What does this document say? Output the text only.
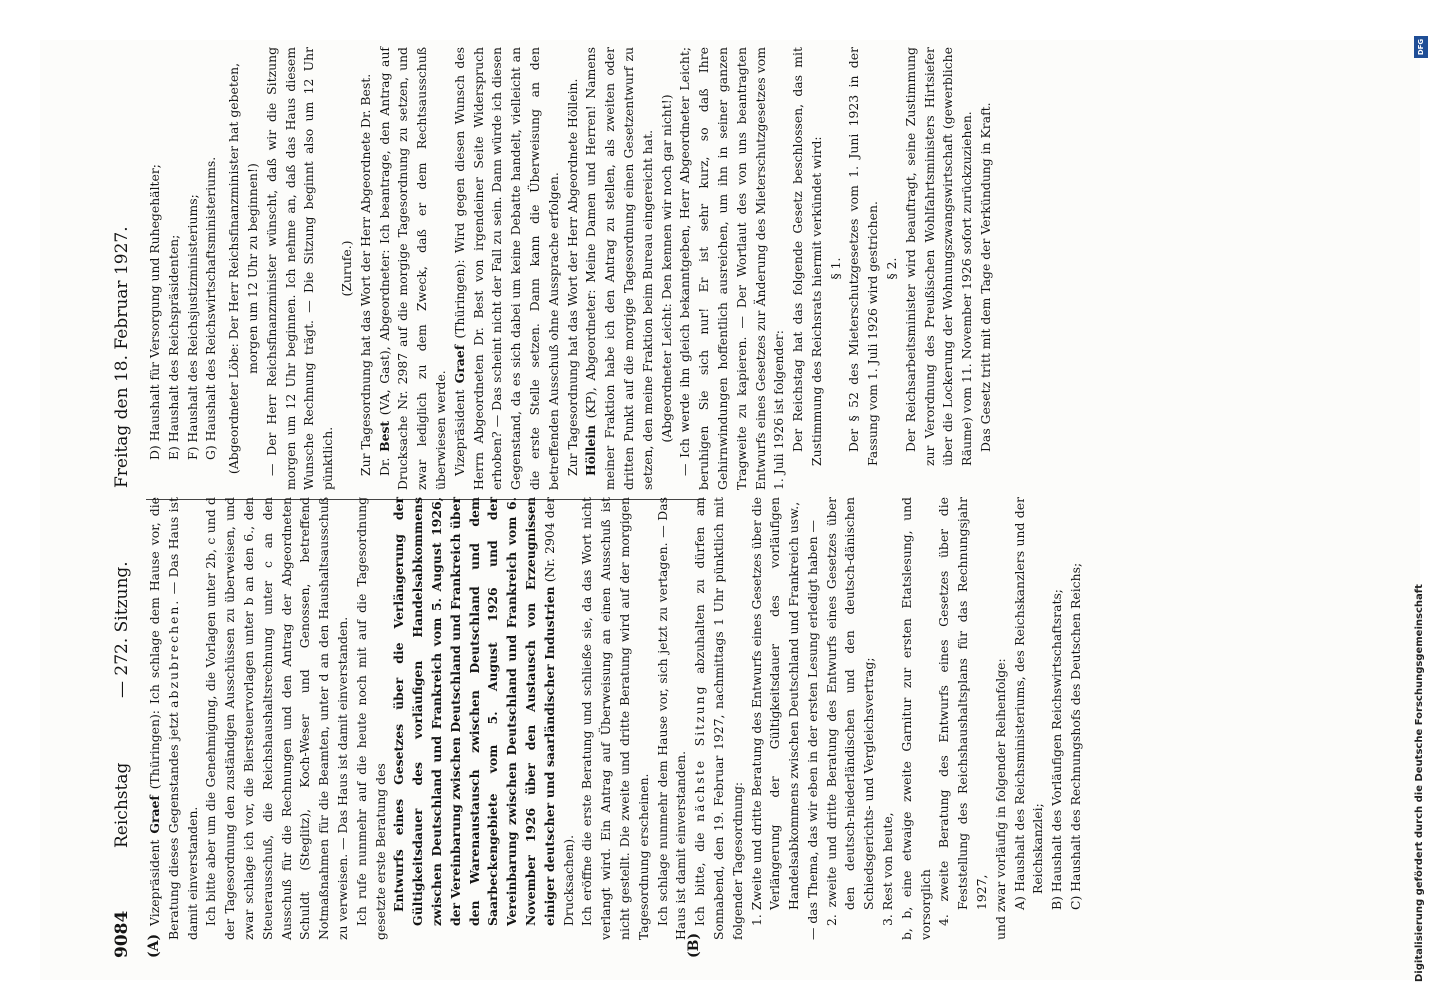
9084
Reichstag
— 272. Sitzung.
Freitag den 18. Februar 1927.
(A)	(B)

Vizepräsident Graef (Thüringen): Ich schlage dem Hause vor, die Beratung dieses Gegenstandes jetzt abzubrechen. — Das Haus ist damit einverstanden. Ich bitte aber um die Genehmigung, die Vorlagen unter 2b, c und d der Tagesordnung den zuständigen Ausschüssen zu überweisen, und zwar schlage ich vor, die Biersteuervorlagen unter b an den 6., den Steuerausschuß, die Reichshaushaltsrechnung unter c an den Ausschuß für die Rechnungen und den Antrag der Abgeordneten Schuldt (Steglitz), Koch-Weser und Genossen, betreffend Notmaßnahmen für die Beamten, unter d an den Haushaltsausschuß zu verweisen. — Das Haus ist damit einverstanden. Ich rufe nunmehr auf die heute noch mit auf die Tagesordnung gesetzte erste Beratung des Entwurfs eines Gesetzes über die Verlängerung der Gültigkeitsdauer des vorläufigen Handelsabkommens zwischen Deutschland und Frankreich vom 5. August 1926, der Vereinbarung zwischen Deutschland und Frankreich über den Warenaustausch zwischen Deutschland und dem Saarbeckengebiete vom 5. August 1926 und der Vereinbarung zwischen Deutschland und Frankreich vom 6. November 1926 über den Austausch von Erzeugnissen einiger deutscher und saarländischer Industrien (Nr. 2904 der Drucksachen). Ich eröffne die erste Beratung und schließe sie, da das Wort nicht verlangt wird. Ein Antrag auf Überweisung an einen Ausschuß ist nicht gestellt. Die zweite und dritte Beratung wird auf der morgigen Tagesordnung erscheinen. Ich schlage nunmehr dem Hause vor, sich jetzt zu vertagen. — Das Haus ist damit einverstanden. Ich bitte, die nächste Sitzung abzuhalten zu dürfen am Sonnabend, den 19. Februar 1927, nachmittags 1 Uhr pünktlich mit folgender Tagesordnung: 1. Zweite und dritte Beratung des Entwurfs eines Gesetzes über die Verlängerung der Gültigkeitsdauer des vorläufigen Handelsabkommens zwischen Deutschland und Frankreich usw., — das Thema, das wir eben in der ersten Lesung erledigt haben — 2. zweite und dritte Beratung des Entwurfs eines Gesetzes über den deutsch-niederländischen und den deutsch-dänischen Schiedsgerichts- und Vergleichsvertrag; 3. Rest von heute, b, b, eine etwaige zweite Garnitur zur ersten Etatslesung, und vorsorglich 4. zweite Beratung des Entwurfs eines Gesetzes über die Feststellung des Reichshaushaltsplans für das Rechnungsjahr 1927, und zwar vorläufig in folgender Reihenfolge: A) Haushalt des Reichsministeriums, des Reichskanzlers und der Reichskanzlei; B) Haushalt des Vorläufigen Reichswirtschaftsrats; C) Haushalt des Rechnungshofs des Deutschen Reichs;

D) Haushalt für Versorgung und Ruhegehälter; E) Haushalt des Reichspräsidenten; F) Haushalt des Reichsjustizministeriums; G) Haushalt des Reichswirtschaftsministeriums. (Abgeordneter Löbe: Der Herr Reichsfinanzminister hat gebeten, morgen um 12 Uhr zu beginnen!) — Der Herr Reichsfinanzminister wünscht, daß wir die Sitzung morgen um 12 Uhr beginnen. Ich nehme an, daß das Haus diesem Wunsche Rechnung trägt. — Die Sitzung beginnt also um 12 Uhr pünktlich.

(Zurufe.) Zur Tagesordnung hat das Wort der Herr Abgeordnete Dr. Best. Dr. Best (VA, Gast), Abgeordneter: Ich beantrage, den Antrag auf Drucksache Nr. 2987 auf die morgige Tagesordnung zu setzen, und zwar lediglich zu dem Zweck, daß er dem Rechtsausschuß überwiesen werde. Vizepräsident Graef (Thüringen): Wird gegen diesen Wunsch des Herrn Abgeordneten Dr. Best von irgendeiner Seite Widerspruch erhoben? — Das scheint nicht der Fall zu sein. Dann würde ich diesen Gegenstand, da es sich dabei um keine Debatte handelt, vielleicht an die erste Stelle setzen. Dann kann die Überweisung an den betreffenden Ausschuß ohne Aussprache erfolgen. Zur Tagesordnung hat das Wort der Herr Abgeordnete Höllein. Höllein (KP), Abgeordneter: Meine Damen und Herren! Namens meiner Fraktion habe ich den Antrag zu stellen, als zweiten oder dritten Punkt auf die morgige Tagesordnung einen Gesetzentwurf zu setzen, den meine Fraktion beim Bureau eingereicht hat. (Abgeordneter Leicht: Den kennen wir noch gar nicht!) — Ich werde ihn gleich bekanntgeben, Herr Abgeordneter Leicht; beruhigen Sie sich nur! Er ist sehr kurz, so daß Ihre Gehirnwindungen hoffentlich ausreichen, um ihn in seiner ganzen Tragweite zu kapieren. — Der Wortlaut des von uns beantragten Entwurfs eines Gesetzes zur Änderung des Mieterschutzgesetzes vom 1. Juli 1926 ist folgender: Der Reichstag hat das folgende Gesetz beschlossen, das mit Zustimmung des Reichsrats hiermit verkündet wird: § 1. Der § 52 des Mieterschutzgesetzes vom 1. Juni 1923 in der Fassung vom 1. Juli 1926 wird gestrichen. § 2. Der Reichsarbeitsminister wird beauftragt, seine Zustimmung zur Verordnung des Preußischen Wohlfahrtsministers Hirtsiefer über die Lockerung der Wohnungszwangswirtschaft (gewerbliche Räume) vom 11. November 1926 sofort zurückzuziehen. Das Gesetz tritt mit dem Tage der Verkündung in Kraft.

DFG
Digitalisierung gefördert durch die Deutsche Forschungsgemeinschaft
